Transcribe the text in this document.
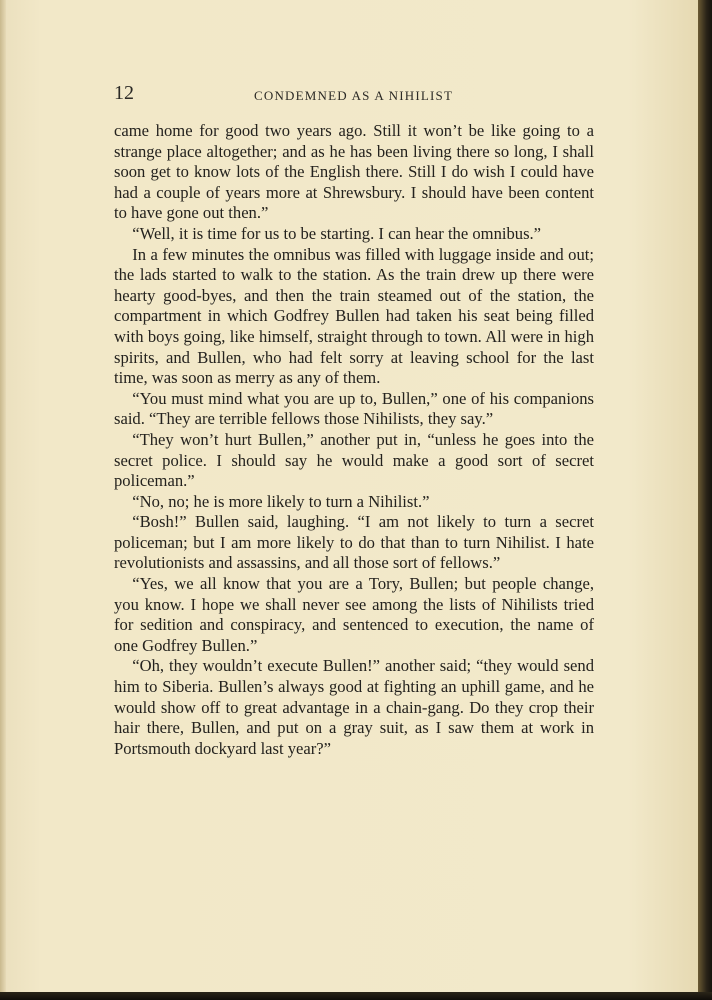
12	CONDEMNED AS A NIHILIST

came home for good two years ago. Still it won’t be like going to a strange place altogether; and as he has been living there so long, I shall soon get to know lots of the English there. Still I do wish I could have had a couple of years more at Shrewsbury. I should have been content to have gone out then.”

“Well, it is time for us to be starting. I can hear the omnibus.”

In a few minutes the omnibus was filled with luggage inside and out; the lads started to walk to the station. As the train drew up there were hearty good-byes, and then the train steamed out of the station, the compartment in which Godfrey Bullen had taken his seat being filled with boys going, like himself, straight through to town. All were in high spirits, and Bullen, who had felt sorry at leaving school for the last time, was soon as merry as any of them.

“You must mind what you are up to, Bullen,” one of his companions said. “They are terrible fellows those Nihilists, they say.”

“They won’t hurt Bullen,” another put in, “unless he goes into the secret police. I should say he would make a good sort of secret policeman.”

“No, no; he is more likely to turn a Nihilist.”

“Bosh!” Bullen said, laughing. “I am not likely to turn a secret policeman; but I am more likely to do that than to turn Nihilist. I hate revolutionists and assassins, and all those sort of fellows.”

“Yes, we all know that you are a Tory, Bullen; but people change, you know. I hope we shall never see among the lists of Nihilists tried for sedition and conspiracy, and sentenced to execution, the name of one Godfrey Bullen.”

“Oh, they wouldn’t execute Bullen!” another said; “they would send him to Siberia. Bullen’s always good at fighting an uphill game, and he would show off to great advantage in a chain-gang. Do they crop their hair there, Bullen, and put on a gray suit, as I saw them at work in Portsmouth dockyard last year?”
